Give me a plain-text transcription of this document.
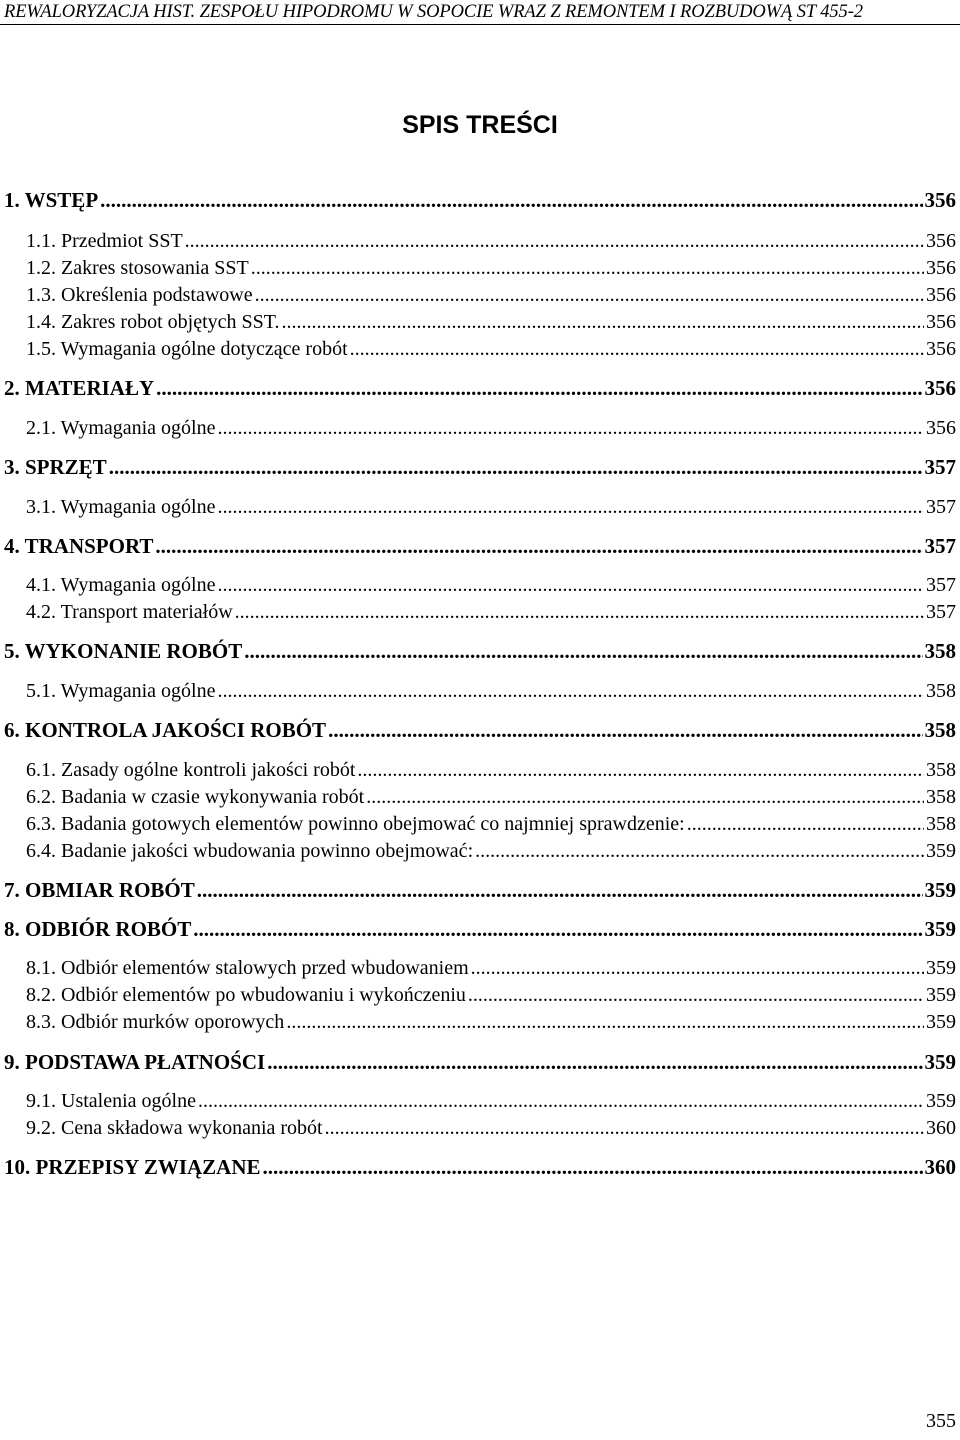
REWALORYZACJA HIST. ZESPOŁU HIPODROMU W SOPOCIE WRAZ Z REMONTEM I ROZBUDOWĄ ST 455-2
SPIS TREŚCI
1. WSTĘP .....	356
1.1. Przedmiot SST .....	356
1.2. Zakres stosowania SST .....	356
1.3. Określenia podstawowe .....	356
1.4. Zakres robot objętych SST. .....	356
1.5. Wymagania ogólne dotyczące robót .....	356
2. MATERIAŁY .....	356
2.1. Wymagania ogólne .....	356
3. SPRZĘT .....	357
3.1. Wymagania ogólne .....	357
4. TRANSPORT .....	357
4.1. Wymagania ogólne .....	357
4.2. Transport materiałów .....	357
5. WYKONANIE ROBÓT .....	358
5.1. Wymagania ogólne .....	358
6. KONTROLA JAKOŚCI ROBÓT .....	358
6.1. Zasady ogólne kontroli jakości robót .....	358
6.2. Badania w czasie wykonywania robót .....	358
6.3. Badania gotowych elementów powinno obejmować co najmniej sprawdzenie: .....	358
6.4. Badanie jakości wbudowania powinno obejmować: .....	359
7. OBMIAR ROBÓT .....	359
8. ODBIÓR ROBÓT .....	359
8.1. Odbiór elementów stalowych przed wbudowaniem .....	359
8.2. Odbiór elementów po wbudowaniu i wykończeniu .....	359
8.3. Odbiór murków oporowych .....	359
9. PODSTAWA PŁATNOŚCI .....	359
9.1. Ustalenia ogólne .....	359
9.2. Cena składowa wykonania robót .....	360
10. PRZEPISY ZWIĄZANE .....	360
355
